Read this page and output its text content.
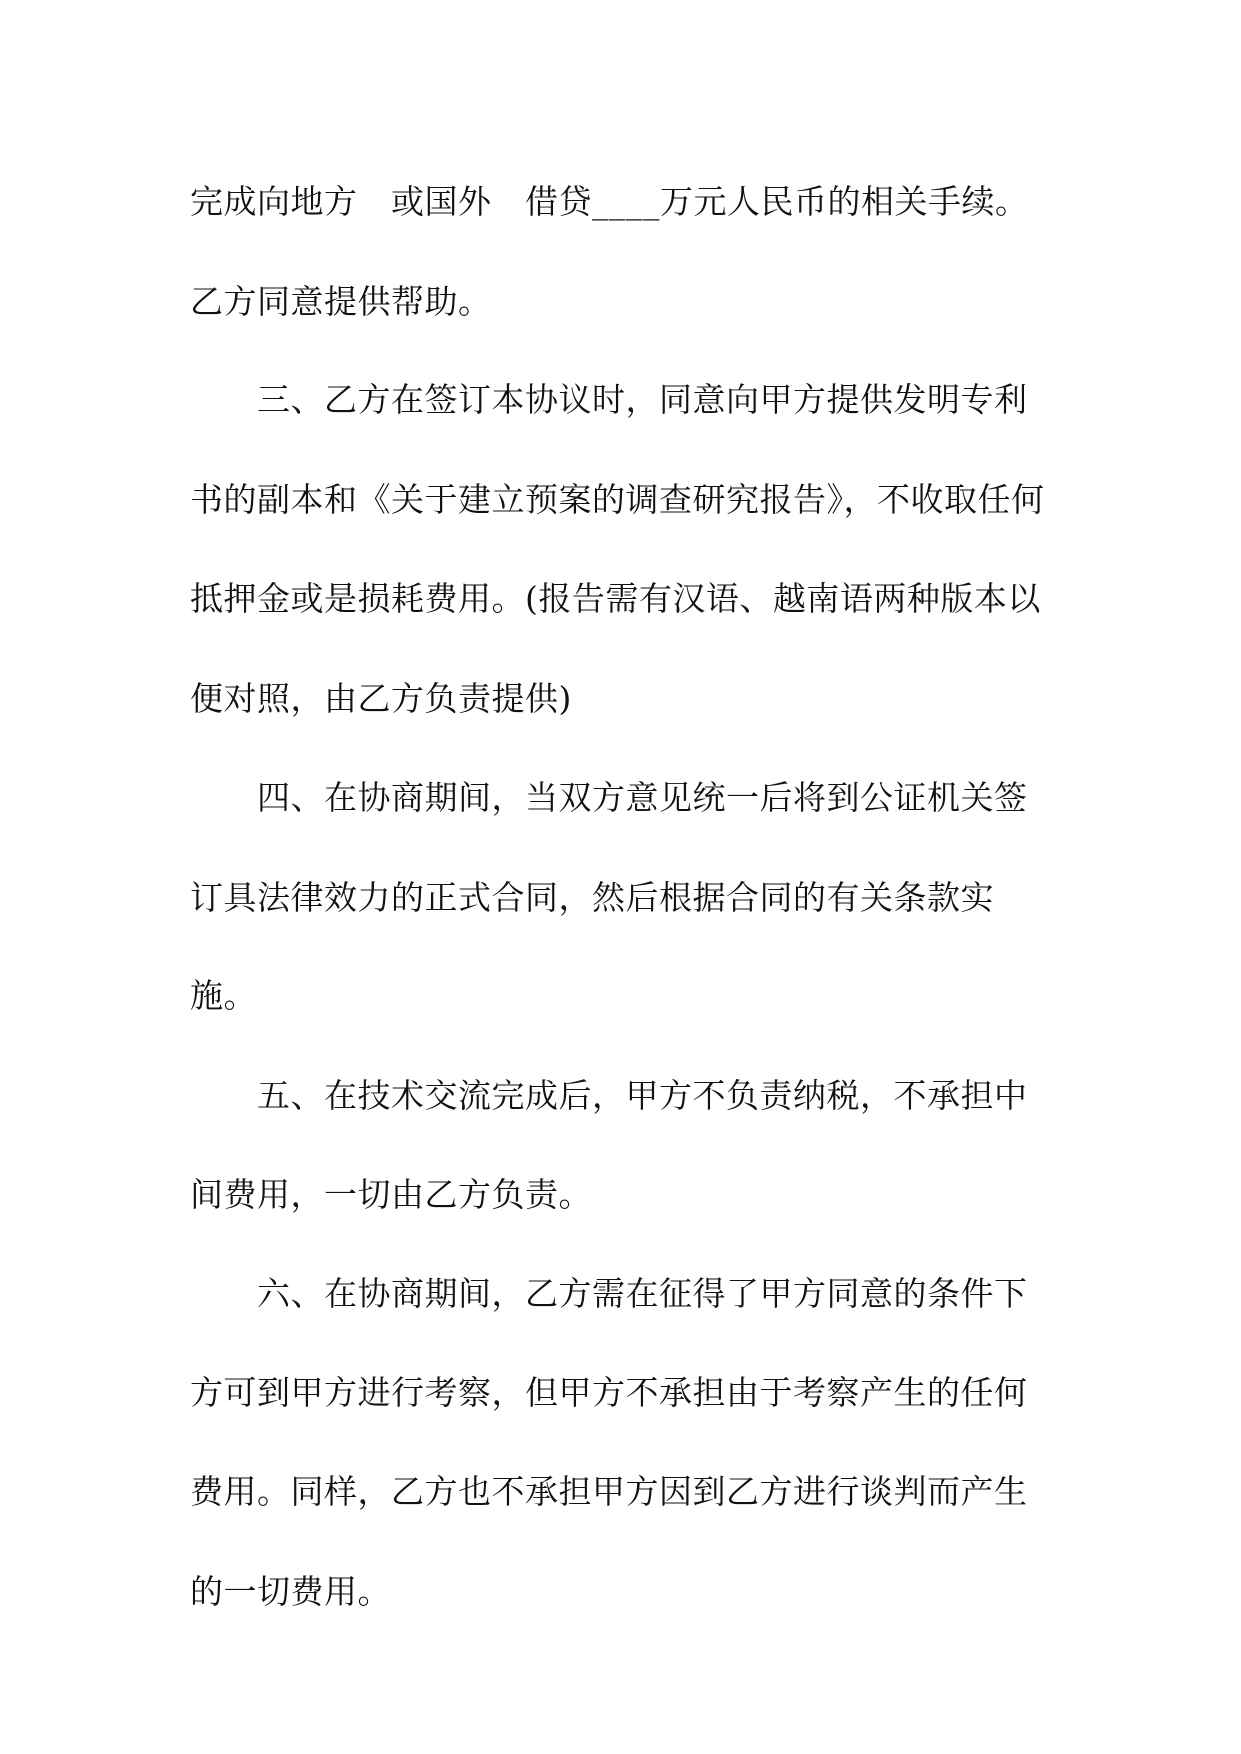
完成向地方　或国外　借贷____万元人民币的相关手续。
乙方同意提供帮助。
三、乙方在签订本协议时，同意向甲方提供发明专利
书的副本和《关于建立预案的调查研究报告》，不收取任何
抵押金或是损耗费用。(报告需有汉语、越南语两种版本以
便对照，由乙方负责提供)
四、在协商期间，当双方意见统一后将到公证机关签
订具法律效力的正式合同，然后根据合同的有关条款实
施。
五、在技术交流完成后，甲方不负责纳税，不承担中
间费用，一切由乙方负责。
六、在协商期间，乙方需在征得了甲方同意的条件下
方可到甲方进行考察，但甲方不承担由于考察产生的任何
费用。同样，乙方也不承担甲方因到乙方进行谈判而产生
的一切费用。
